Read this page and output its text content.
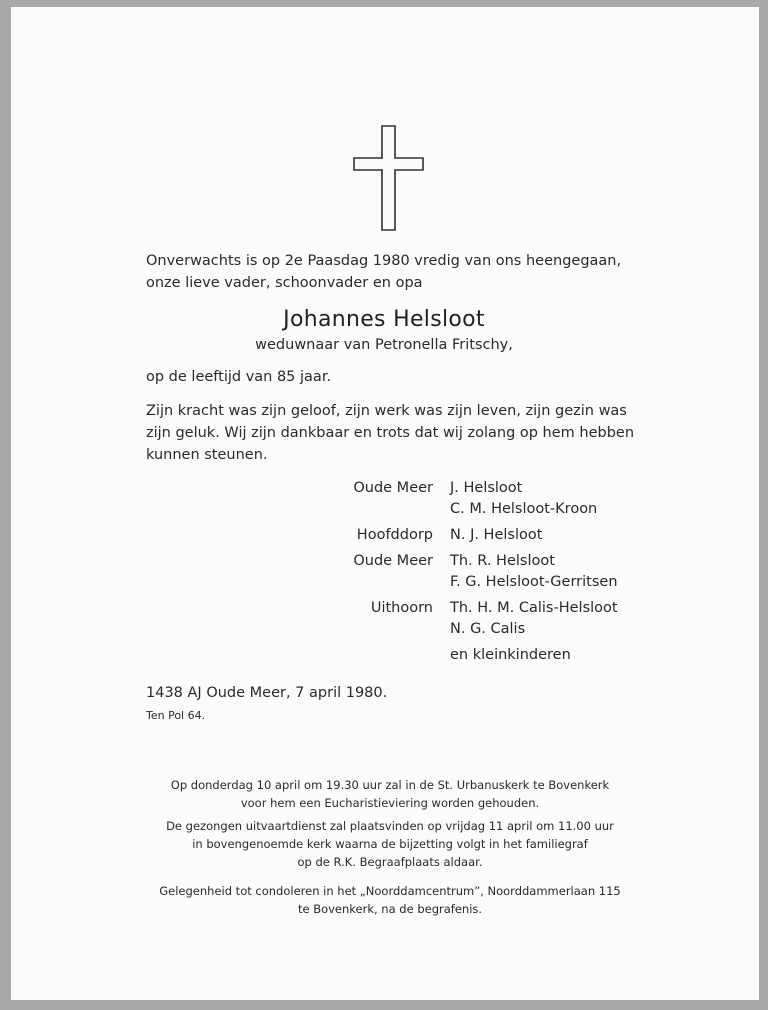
Onverwachts is op 2e Paasdag 1980 vredig van ons heengegaan,
onze lieve vader, schoonvader en opa
Johannes Helsloot
weduwnaar van Petronella Fritschy,
op de leeftijd van 85 jaar.
Zijn kracht was zijn geloof, zijn werk was zijn leven, zijn gezin was
zijn geluk. Wij zijn dankbaar en trots dat wij zolang op hem hebben
kunnen steunen.
Oude Meer J. Helsloot
C. M. Helsloot-Kroon
Hoofddorp N. J. Helsloot
Oude Meer Th. R. Helsloot
F. G. Helsloot-Gerritsen
Uithoorn Th. H. M. Calis-Helsloot
N. G. Calis
en kleinkinderen
1438 AJ Oude Meer, 7 april 1980.
Ten Pol 64.

Op donderdag 10 april om 19.30 uur zal in de St. Urbanuskerk te Bovenkerk
voor hem een Eucharistieviering worden gehouden.

De gezongen uitvaartdienst zal plaatsvinden op vrijdag 11 april om 11.00 uur
in bovengenoemde kerk waarna de bijzetting volgt in het familiegraf
op de R.K. Begraafplaats aldaar.

Gelegenheid tot condoleren in het „Noorddamcentrum”, Noorddammerlaan 115
te Bovenkerk, na de begrafenis.
